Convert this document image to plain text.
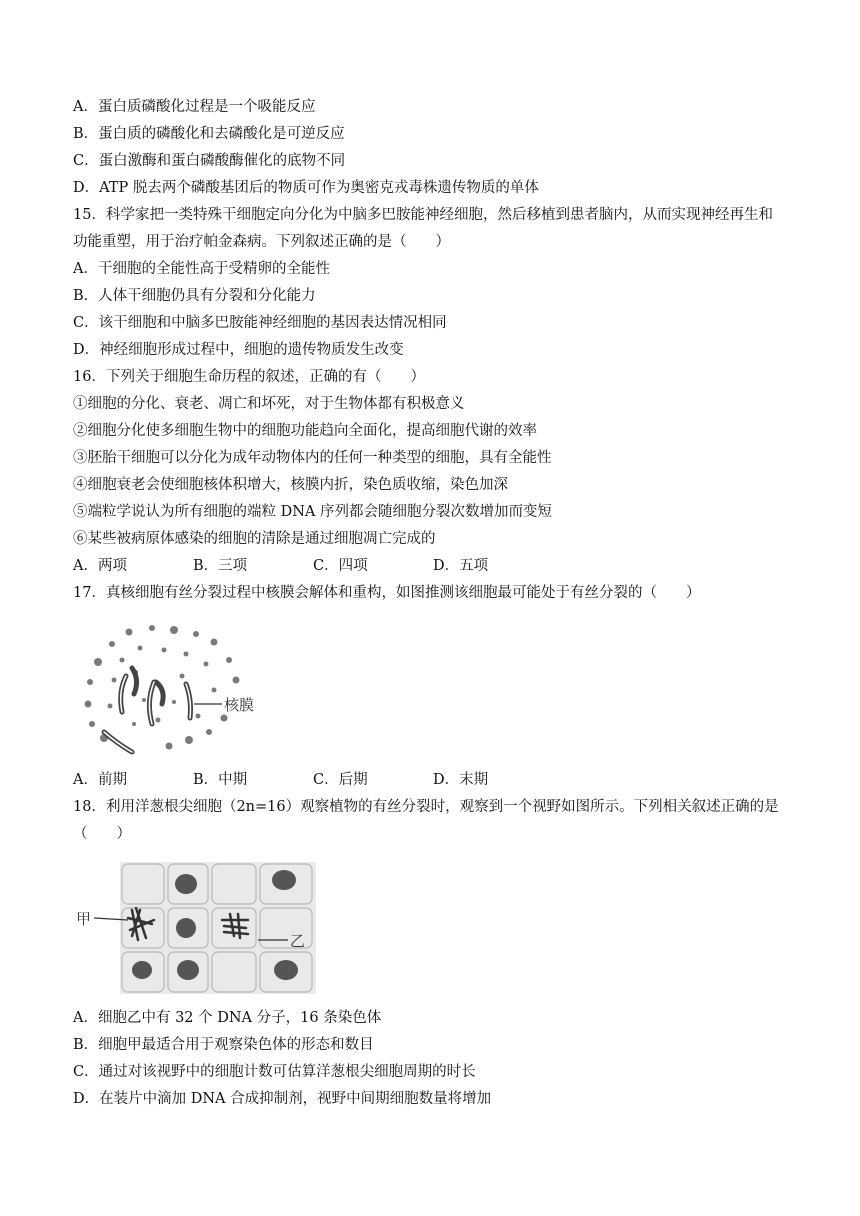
A．蛋白质磷酸化过程是一个吸能反应
B．蛋白质的磷酸化和去磷酸化是可逆反应
C．蛋白激酶和蛋白磷酸酶催化的底物不同
D．ATP 脱去两个磷酸基团后的物质可作为奥密克戎毒株遗传物质的单体
15．科学家把一类特殊干细胞定向分化为中脑多巴胺能神经细胞，然后移植到患者脑内，从而实现神经再生和
功能重塑，用于治疗帕金森病。下列叙述正确的是（　　）
A．干细胞的全能性高于受精卵的全能性
B．人体干细胞仍具有分裂和分化能力
C．该干细胞和中脑多巴胺能神经细胞的基因表达情况相同
D．神经细胞形成过程中，细胞的遗传物质发生改变
16．下列关于细胞生命历程的叙述，正确的有（　　）
①细胞的分化、衰老、凋亡和坏死，对于生物体都有积极意义
②细胞分化使多细胞生物中的细胞功能趋向全面化，提高细胞代谢的效率
③胚胎干细胞可以分化为成年动物体内的任何一种类型的细胞，具有全能性
④细胞衰老会使细胞核体积增大，核膜内折，染色质收缩，染色加深
⑤端粒学说认为所有细胞的端粒 DNA 序列都会随细胞分裂次数增加而变短
⑥某些被病原体感染的细胞的清除是通过细胞凋亡完成的
A．两项	B．三项	C．四项	D．五项
17．真核细胞有丝分裂过程中核膜会解体和重构，如图推测该细胞最可能处于有丝分裂的（　　）
核膜
A．前期	B．中期	C．后期	D．末期
18．利用洋葱根尖细胞（2n=16）观察植物的有丝分裂时，观察到一个视野如图所示。下列相关叙述正确的是
（　　）
甲
乙
A．细胞乙中有 32 个 DNA 分子，16 条染色体
B．细胞甲最适合用于观察染色体的形态和数目
C．通过对该视野中的细胞计数可估算洋葱根尖细胞周期的时长
D．在装片中滴加 DNA 合成抑制剂，视野中间期细胞数量将增加
